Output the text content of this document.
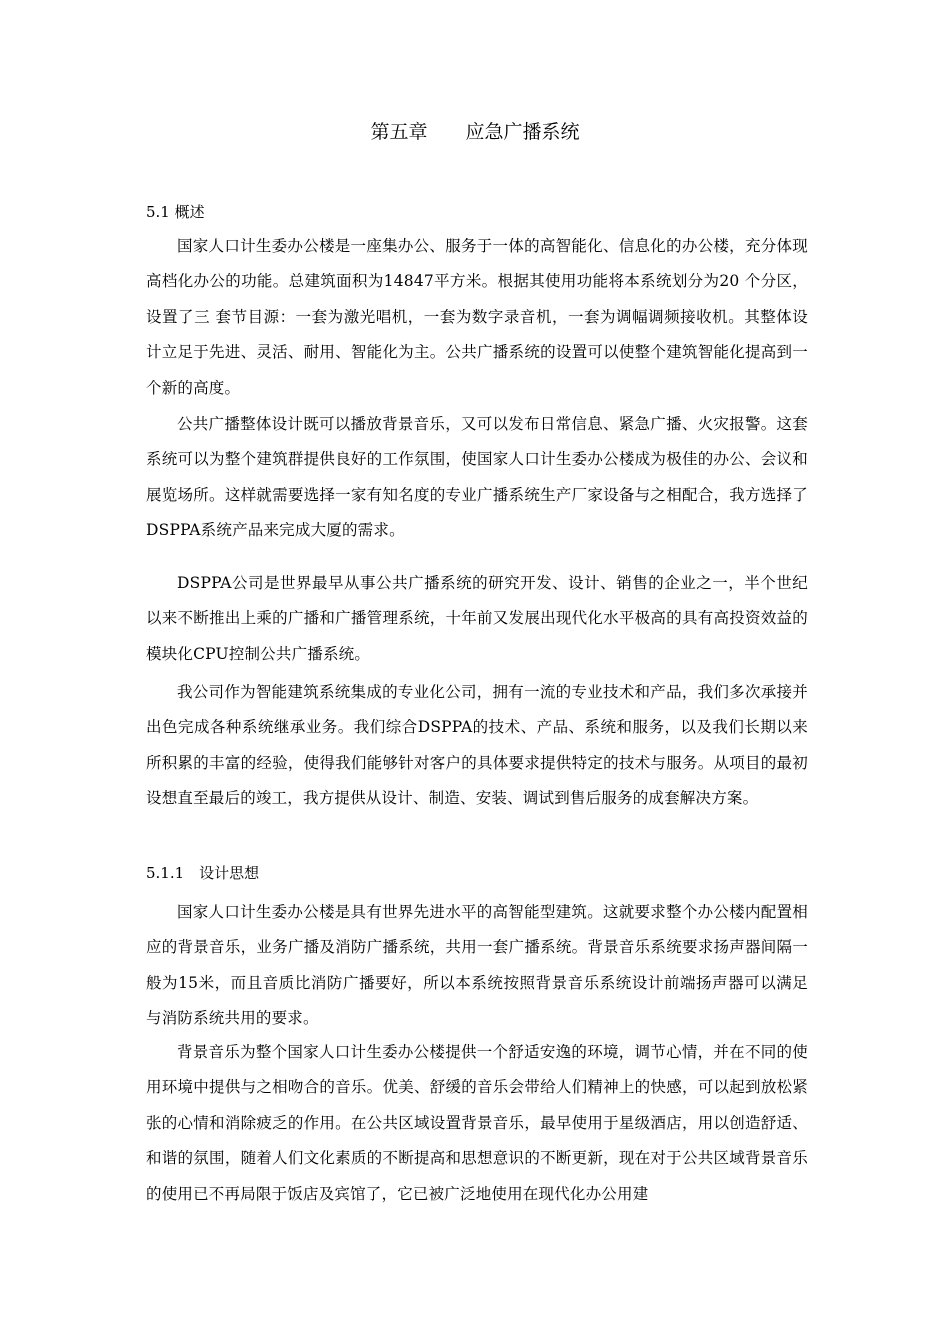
第五章　　应急广播系统
5.1 概述

国家人口计生委办公楼是一座集办公、服务于一体的高智能化、信息化的办公楼，充分体现高档化办公的功能。总建筑面积为14847平方米。根据其使用功能将本系统划分为20 个分区，设置了三 套节目源：一套为激光唱机，一套为数字录音机，一套为调幅调频接收机。其整体设计立足于先进、灵活、耐用、智能化为主。公共广播系统的设置可以使整个建筑智能化提高到一个新的高度。

公共广播整体设计既可以播放背景音乐，又可以发布日常信息、紧急广播、火灾报警。这套系统可以为整个建筑群提供良好的工作氛围，使国家人口计生委办公楼成为极佳的办公、会议和展览场所。这样就需要选择一家有知名度的专业广播系统生产厂家设备与之相配合，我方选择了DSPPA系统产品来完成大厦的需求。

DSPPA公司是世界最早从事公共广播系统的研究开发、设计、销售的企业之一，半个世纪以来不断推出上乘的广播和广播管理系统，十年前又发展出现代化水平极高的具有高投资效益的模块化CPU控制公共广播系统。

我公司作为智能建筑系统集成的专业化公司，拥有一流的专业技术和产品，我们多次承接并出色完成各种系统继承业务。我们综合DSPPA的技术、产品、系统和服务，以及我们长期以来所积累的丰富的经验，使得我们能够针对客户的具体要求提供特定的技术与服务。从项目的最初设想直至最后的竣工，我方提供从设计、制造、安装、调试到售后服务的成套解决方案。

5.1.1　设计思想

国家人口计生委办公楼是具有世界先进水平的高智能型建筑。这就要求整个办公楼内配置相应的背景音乐，业务广播及消防广播系统，共用一套广播系统。背景音乐系统要求扬声器间隔一般为15米，而且音质比消防广播要好，所以本系统按照背景音乐系统设计前端扬声器可以满足与消防系统共用的要求。

背景音乐为整个国家人口计生委办公楼提供一个舒适安逸的环境，调节心情，并在不同的使用环境中提供与之相吻合的音乐。优美、舒缓的音乐会带给人们精神上的快感，可以起到放松紧张的心情和消除疲乏的作用。在公共区域设置背景音乐，最早使用于星级酒店，用以创造舒适、和谐的氛围，随着人们文化素质的不断提高和思想意识的不断更新，现在对于公共区域背景音乐的使用已不再局限于饭店及宾馆了，它已被广泛地使用在现代化办公用建
